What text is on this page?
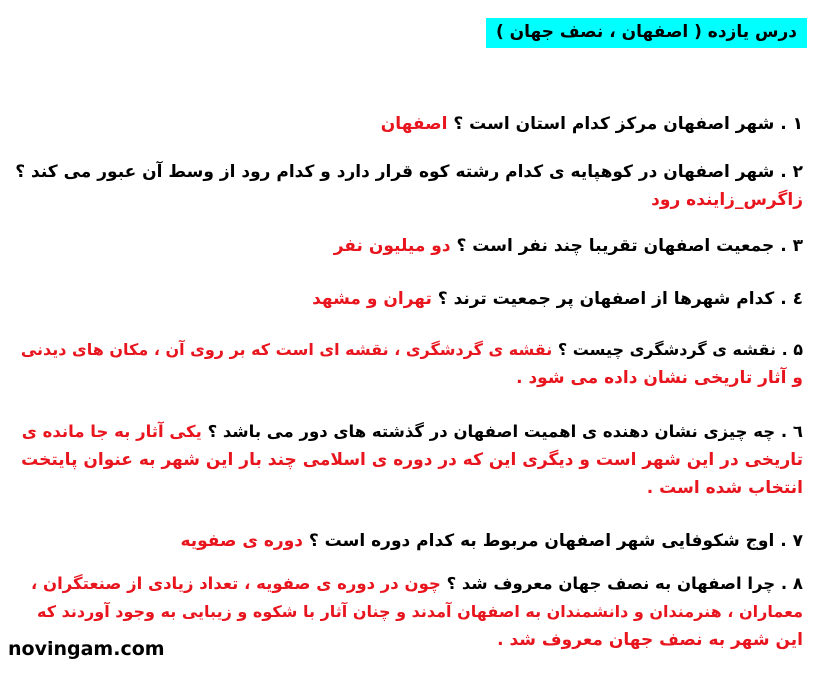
درس یازده ( اصفهان ، نصف جهان )
۱ . شهر اصفهان مرکز کدام استان است ؟ اصفهان
۲ . شهر اصفهان در کوهپایه ی کدام رشته کوه قرار دارد و کدام رود از وسط آن عبور می کند ؟
زاگرس_زاینده رود
۳ . جمعیت اصفهان تقریبا چند نفر است ؟ دو میلیون نفر
٤ . کدام شهرها از اصفهان پر جمعیت ترند ؟ تهران و مشهد
۵ . نقشه ی گردشگری چیست ؟ نقشه ی گردشگری ، نقشه ای است که بر روی آن ، مکان های دیدنی
و آثار تاریخی نشان داده می شود .
٦ . چه چیزی نشان دهنده ی اهمیت اصفهان در گذشته های دور می باشد ؟ یکی آثار به جا مانده ی
تاریخی در این شهر است و دیگری این که در دوره ی اسلامی چند بار این شهر به عنوان پایتخت
انتخاب شده است .
۷ . اوج شکوفایی شهر اصفهان مربوط به کدام دوره است ؟ دوره ی صفویه
۸ . چرا اصفهان به نصف جهان معروف شد ؟ چون در دوره ی صفویه ، تعداد زیادی از صنعتگران ،
معماران ، هنرمندان و دانشمندان به اصفهان آمدند و چنان آثار با شکوه و زیبایی به وجود آوردند که
این شهر به نصف جهان معروف شد .
novingam.com
